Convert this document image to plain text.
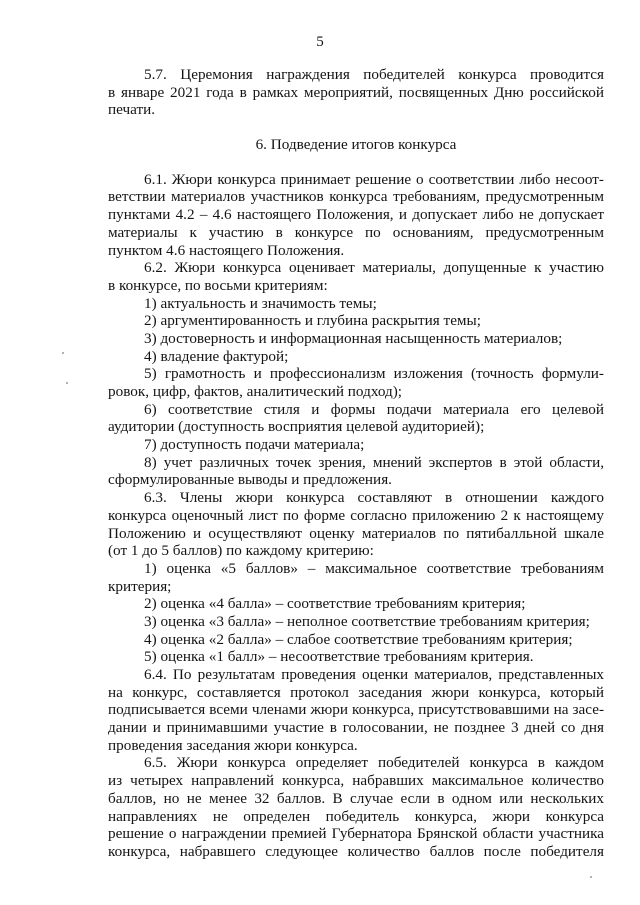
5
5.7. Церемония награждения победителей конкурса проводится
в январе 2021 года в рамках мероприятий, посвященных Дню российской
печати.
6. Подведение итогов конкурса
6.1. Жюри конкурса принимает решение о соответствии либо несоот-
ветствии материалов участников конкурса требованиям, предусмотренным
пунктами 4.2 – 4.6 настоящего Положения, и допускает либо не допускает
материалы к участию в конкурсе по основаниям, предусмотренным
пунктом 4.6 настоящего Положения.
6.2. Жюри конкурса оценивает материалы, допущенные к участию
в конкурсе, по восьми критериям:
1) актуальность и значимость темы;
2) аргументированность и глубина раскрытия темы;
3) достоверность и информационная насыщенность материалов;
4) владение фактурой;
5) грамотность и профессионализм изложения (точность формули-
ровок, цифр, фактов, аналитический подход);
6) соответствие стиля и формы подачи материала его целевой
аудитории (доступность восприятия целевой аудиторией);
7) доступность подачи материала;
8) учет различных точек зрения, мнений экспертов в этой области,
сформулированные выводы и предложения.
6.3. Члены жюри конкурса составляют в отношении каждого
конкурса оценочный лист по форме согласно приложению 2 к настоящему
Положению и осуществляют оценку материалов по пятибалльной шкале
(от 1 до 5 баллов) по каждому критерию:
1) оценка «5 баллов» – максимальное соответствие требованиям
критерия;
2) оценка «4 балла» – соответствие требованиям критерия;
3) оценка «3 балла» – неполное соответствие требованиям критерия;
4) оценка «2 балла» – слабое соответствие требованиям критерия;
5) оценка «1 балл» – несоответствие требованиям критерия.
6.4. По результатам проведения оценки материалов, представленных
на конкурс, составляется протокол заседания жюри конкурса, который
подписывается всеми членами жюри конкурса, присутствовавшими на засе-
дании и принимавшими участие в голосовании, не позднее 3 дней со дня
проведения заседания жюри конкурса.
6.5. Жюри конкурса определяет победителей конкурса в каждом
из четырех направлений конкурса, набравших максимальное количество
баллов, но не менее 32 баллов. В случае если в одном или нескольких
направлениях не определен победитель конкурса, жюри конкурса
решение о награждении премией Губернатора Брянской области участника
конкурса, набравшего следующее количество баллов после победителя
